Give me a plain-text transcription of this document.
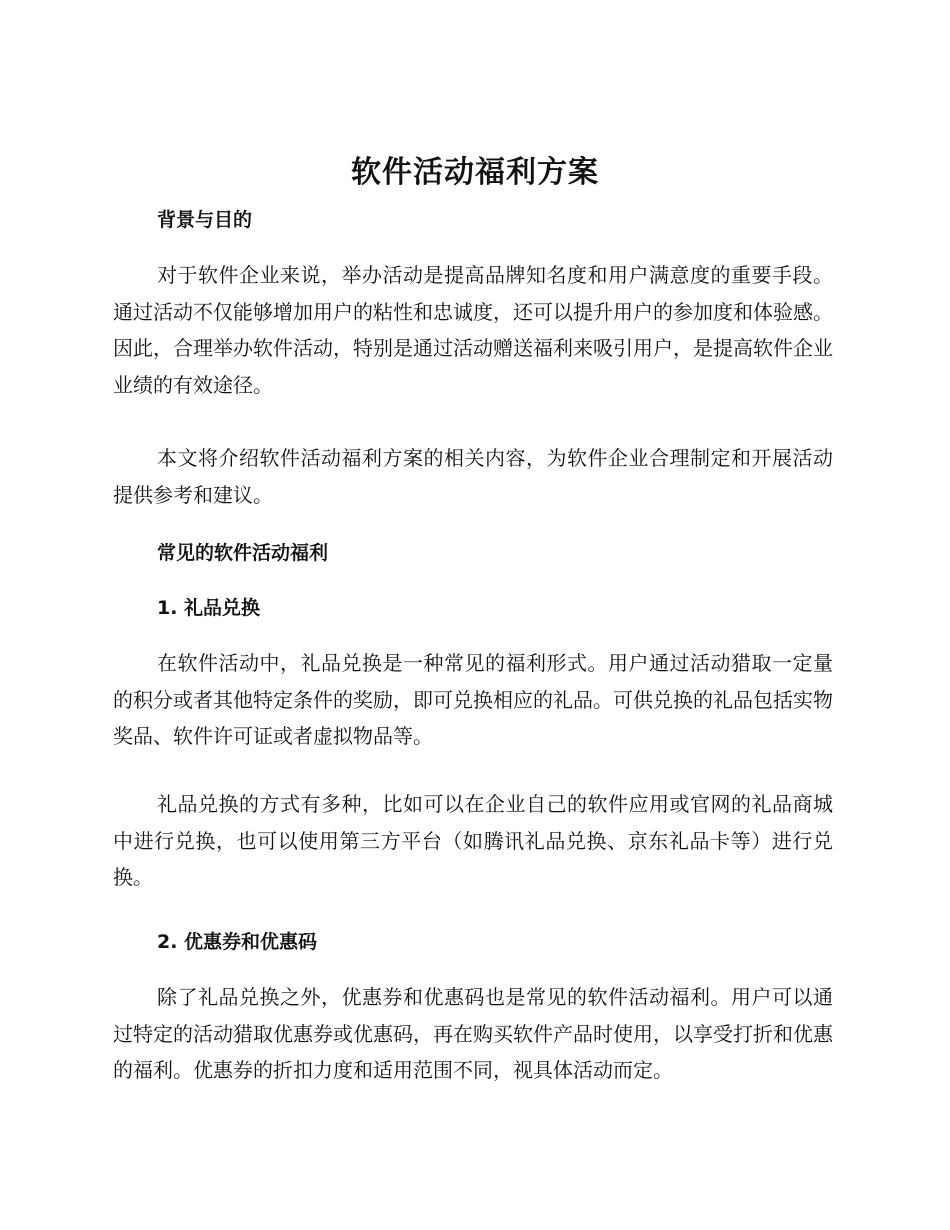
软件活动福利方案
背景与目的
对于软件企业来说，举办活动是提高品牌知名度和用户满意度的重要手段。通过活动不仅能够增加用户的粘性和忠诚度，还可以提升用户的参加度和体验感。因此，合理举办软件活动，特别是通过活动赠送福利来吸引用户，是提高软件企业业绩的有效途径。
本文将介绍软件活动福利方案的相关内容，为软件企业合理制定和开展活动提供参考和建议。
常见的软件活动福利
1. 礼品兑换
在软件活动中，礼品兑换是一种常见的福利形式。用户通过活动猎取一定量的积分或者其他特定条件的奖励，即可兑换相应的礼品。可供兑换的礼品包括实物奖品、软件许可证或者虚拟物品等。
礼品兑换的方式有多种，比如可以在企业自己的软件应用或官网的礼品商城中进行兑换，也可以使用第三方平台（如腾讯礼品兑换、京东礼品卡等）进行兑换。
2. 优惠券和优惠码
除了礼品兑换之外，优惠券和优惠码也是常见的软件活动福利。用户可以通过特定的活动猎取优惠券或优惠码，再在购买软件产品时使用，以享受打折和优惠的福利。优惠券的折扣力度和适用范围不同，视具体活动而定。
